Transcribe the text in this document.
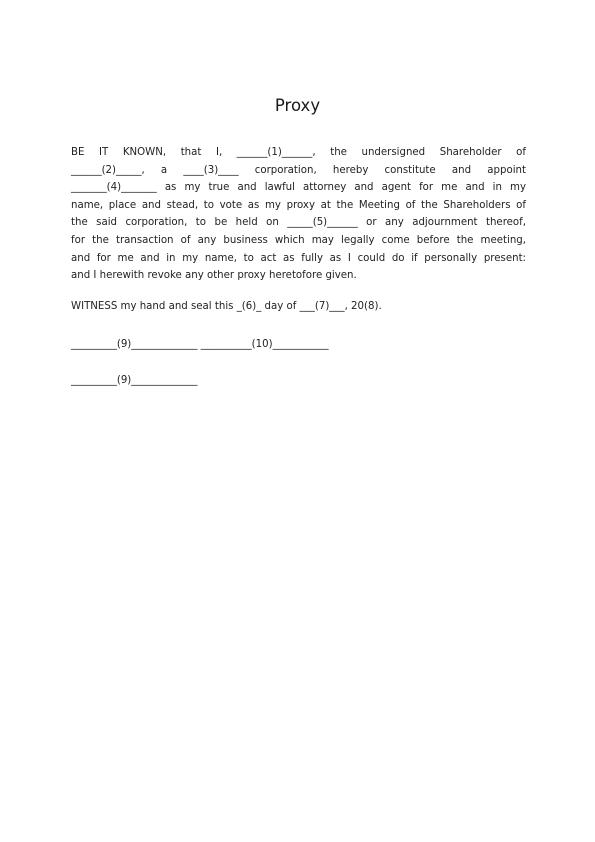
Proxy
BE IT KNOWN, that I, ______(1)______, the undersigned Shareholder of
______(2)_____, a ____(3)____ corporation, hereby constitute and appoint
_______(4)_______ as my true and lawful attorney and agent for me and in my
name, place and stead, to vote as my proxy at the Meeting of the Shareholders of
the said corporation, to be held on _____(5)______ or any adjournment thereof,
for the transaction of any business which may legally come before the meeting,
and for me and in my name, to act as fully as I could do if personally present:
and I herewith revoke any other proxy heretofore given.

WITNESS my hand and seal this _(6)_ day of ___(7)___, 20(8).

_________(9)_____________ __________(10)___________

_________(9)_____________
